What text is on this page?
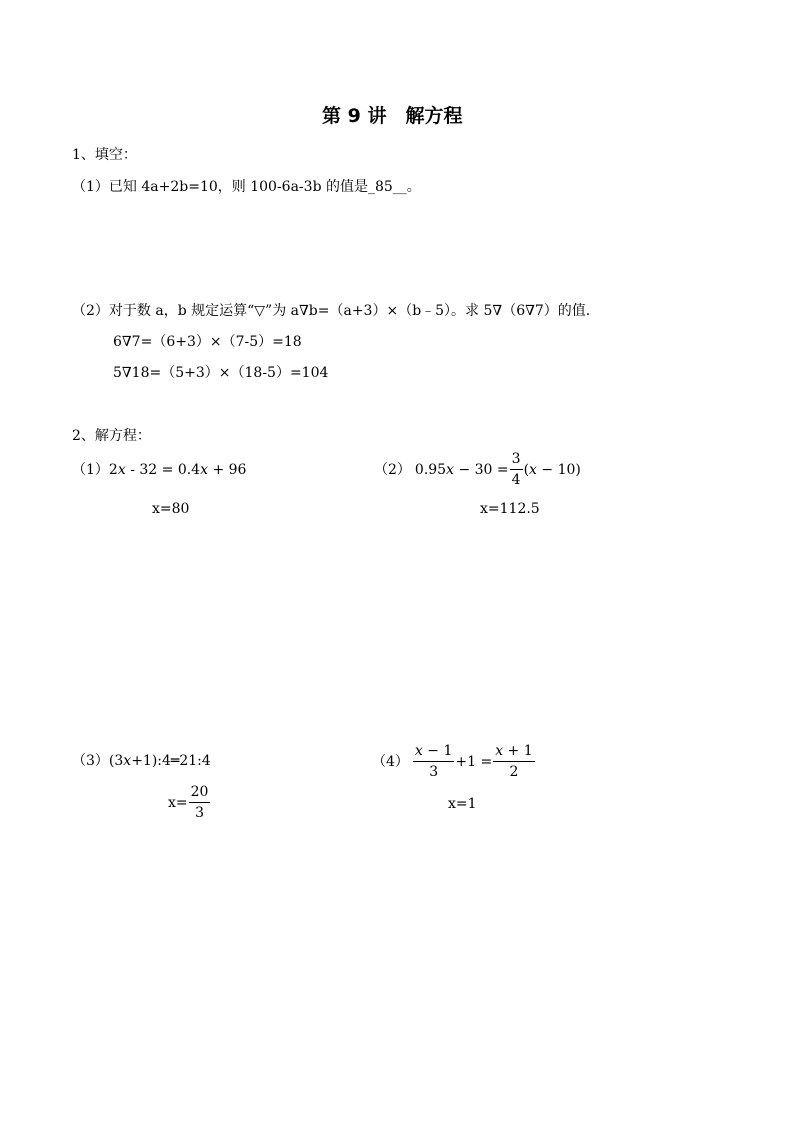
第 9 讲　解方程
1、填空：
（1）已知 4a+2b=10，则 100-6a-3b 的值是_85__。
（2）对于数 a，b 规定运算“▽”为 a∇b=（a+3）×（b﹣5）。求 5∇（6∇7）的值.
6∇7=（6+3）×（7-5）=18
5∇18=（5+3）×（18-5）=104
2、解方程：
（1）2x - 32 = 0.4x + 96
x=80
（2） $0.95x - 30 = \frac{3}{4} (x - 10)$
x=112.5
（3）(3x+1):4═21:4
$x= \frac{20}{3}$
$(4) \frac{x - 1}{3} +1 = \frac{x + 1}{2}$
x=1
